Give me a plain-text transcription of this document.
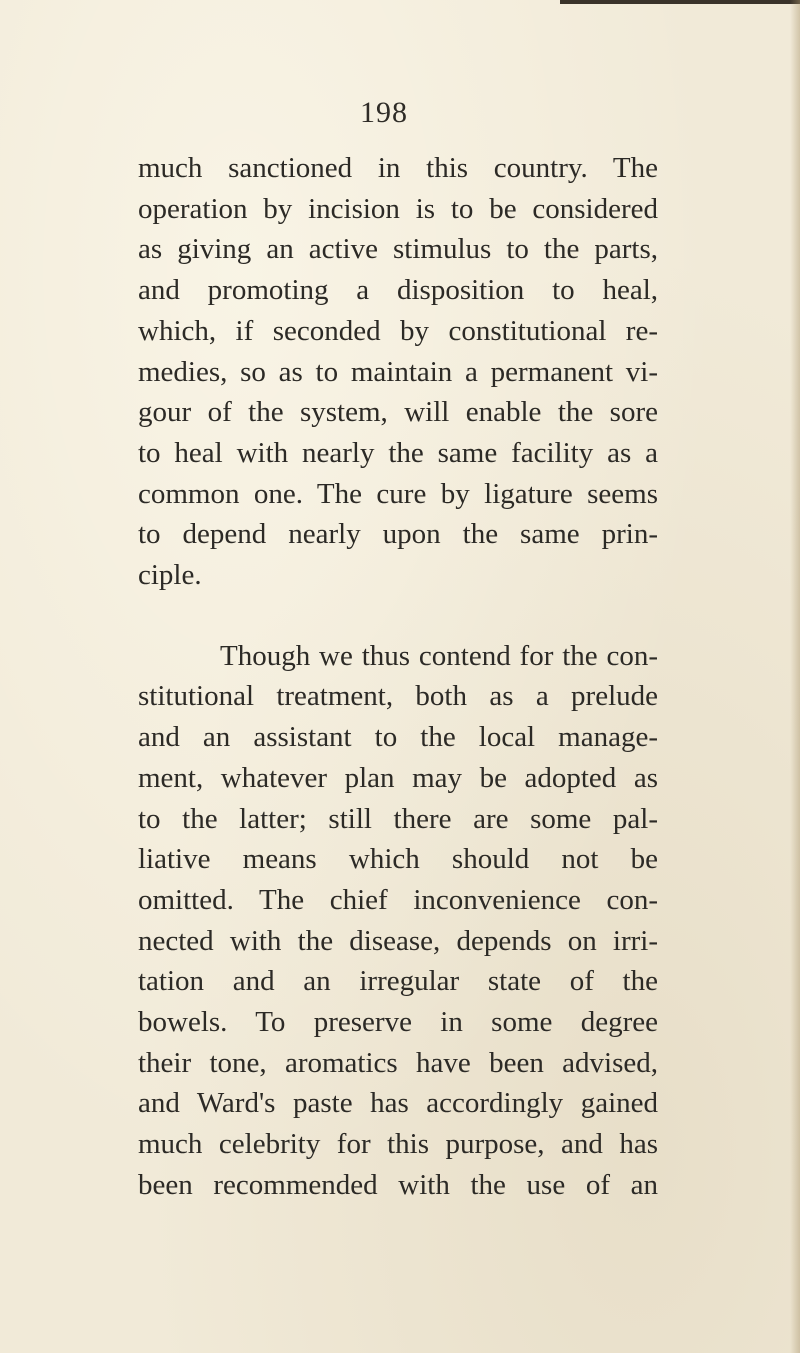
198
much sanctioned in this country. The
operation by incision is to be considered
as giving an active stimulus to the parts,
and promoting a disposition to heal,
which, if seconded by constitutional re-
medies, so as to maintain a permanent vi-
gour of the system, will enable the sore
to heal with nearly the same facility as a
common one. The cure by ligature seems
to depend nearly upon the same prin-
ciple.
Though we thus contend for the con-
stitutional treatment, both as a prelude
and an assistant to the local manage-
ment, whatever plan may be adopted as
to the latter; still there are some pal-
liative means which should not be
omitted. The chief inconvenience con-
nected with the disease, depends on irri-
tation and an irregular state of the
bowels. To preserve in some degree
their tone, aromatics have been advised,
and Ward's paste has accordingly gained
much celebrity for this purpose, and has
been recommended with the use of an
